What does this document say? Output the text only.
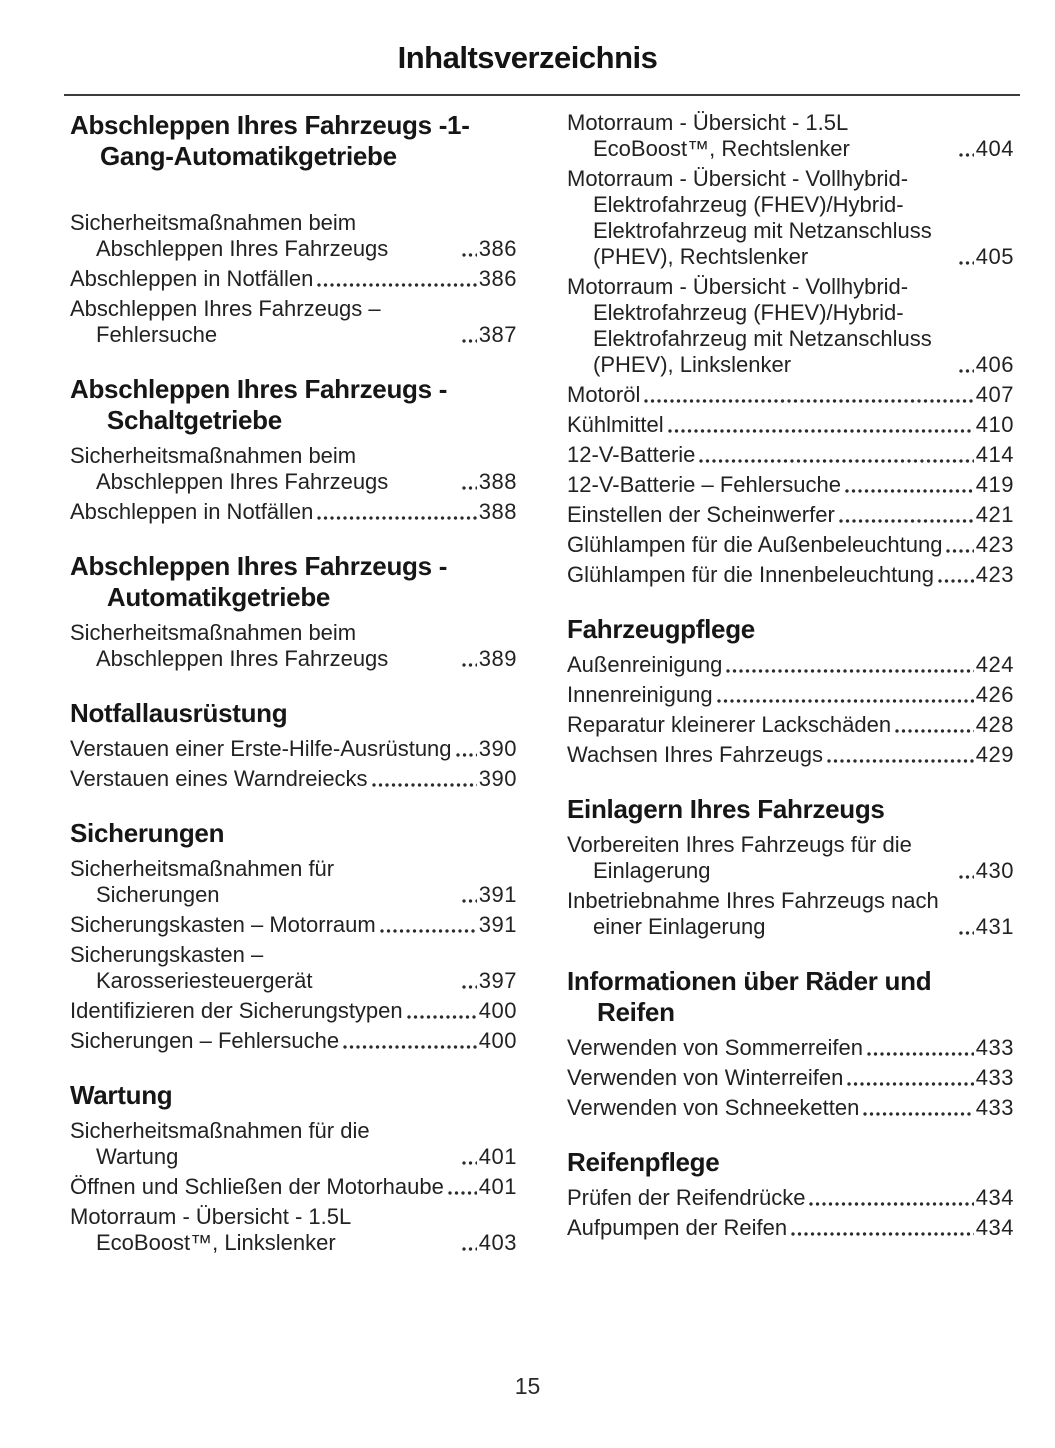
Inhaltsverzeichnis
Abschleppen Ihres Fahrzeugs -1-Gang-Automatikgetriebe
Sicherheitsmaßnahmen beim Abschleppen Ihres Fahrzeugs	386
Abschleppen in Notfällen	386
Abschleppen Ihres Fahrzeugs – Fehlersuche	387
Abschleppen Ihres Fahrzeugs - Schaltgetriebe
Sicherheitsmaßnahmen beim Abschleppen Ihres Fahrzeugs	388
Abschleppen in Notfällen	388
Abschleppen Ihres Fahrzeugs - Automatikgetriebe
Sicherheitsmaßnahmen beim Abschleppen Ihres Fahrzeugs	389
Notfallausrüstung
Verstauen einer Erste-Hilfe-Ausrüstung 390
Verstauen eines Warndreiecks	390
Sicherungen
Sicherheitsmaßnahmen für Sicherungen	391
Sicherungskasten – Motorraum	391
Sicherungskasten – Karosseriesteuergerät	397
Identifizieren der Sicherungstypen	400
Sicherungen – Fehlersuche	400
Wartung
Sicherheitsmaßnahmen für die Wartung	401
Öffnen und Schließen der Motorhaube 401
Motorraum - Übersicht - 1.5L EcoBoost™, Linkslenker	403
Motorraum - Übersicht - 1.5L EcoBoost™, Rechtslenker	404
Motorraum - Übersicht - Vollhybrid-Elektrofahrzeug (FHEV)/Hybrid-Elektrofahrzeug mit Netzanschluss (PHEV), Rechtslenker	405
Motorraum - Übersicht - Vollhybrid-Elektrofahrzeug (FHEV)/Hybrid-Elektrofahrzeug mit Netzanschluss (PHEV), Linkslenker	406
Motoröl	407
Kühlmittel	410
12-V-Batterie	414
12-V-Batterie – Fehlersuche	419
Einstellen der Scheinwerfer	421
Glühlampen für die Außenbeleuchtung 423
Glühlampen für die Innenbeleuchtung 423
Fahrzeugpflege
Außenreinigung	424
Innenreinigung	426
Reparatur kleinerer Lackschäden	428
Wachsen Ihres Fahrzeugs	429
Einlagern Ihres Fahrzeugs
Vorbereiten Ihres Fahrzeugs für die Einlagerung	430
Inbetriebnahme Ihres Fahrzeugs nach einer Einlagerung	431
Informationen über Räder und Reifen
Verwenden von Sommerreifen	433
Verwenden von Winterreifen	433
Verwenden von Schneeketten	433
Reifenpflege
Prüfen der Reifendrücke	434
Aufpumpen der Reifen	434
15
